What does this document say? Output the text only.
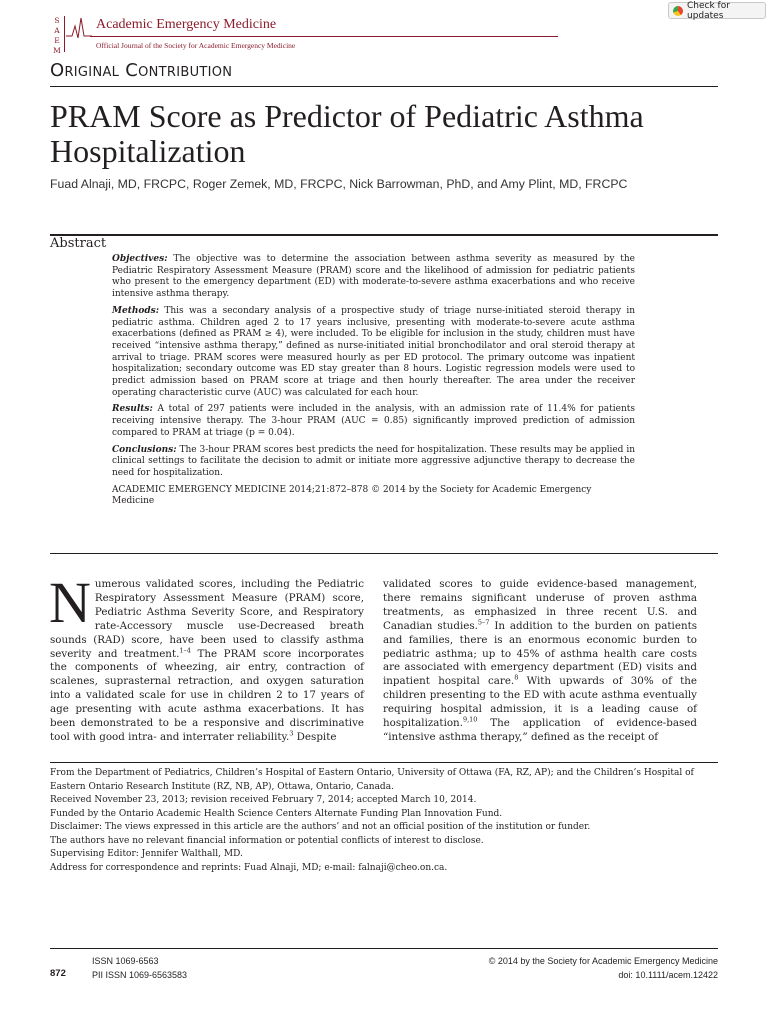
Check for updates
S
A
E
M
Academic Emergency Medicine
Official Journal of the Society for Academic Emergency Medicine
Original Contribution
PRAM Score as Predictor of Pediatric Asthma Hospitalization
Fuad Alnaji, MD, FRCPC, Roger Zemek, MD, FRCPC, Nick Barrowman, PhD, and Amy Plint, MD, FRCPC
Abstract

Objectives: The objective was to determine the association between asthma severity as measured by the Pediatric Respiratory Assessment Measure (PRAM) score and the likelihood of admission for pediatric patients who present to the emergency department (ED) with moderate-to-severe asthma exacerbations and who receive intensive asthma therapy.

Methods: This was a secondary analysis of a prospective study of triage nurse-initiated steroid therapy in pediatric asthma. Children aged 2 to 17 years inclusive, presenting with moderate-to-severe acute asthma exacerbations (defined as PRAM ≥ 4), were included. To be eligible for inclusion in the study, children must have received “intensive asthma therapy,” defined as nurse-initiated initial bronchodilator and oral steroid therapy at arrival to triage. PRAM scores were measured hourly as per ED protocol. The primary outcome was inpatient hospitalization; secondary outcome was ED stay greater than 8 hours. Logistic regression models were used to predict admission based on PRAM score at triage and then hourly thereafter. The area under the receiver operating characteristic curve (AUC) was calculated for each hour.

Results: A total of 297 patients were included in the analysis, with an admission rate of 11.4% for patients receiving intensive therapy. The 3-hour PRAM (AUC = 0.85) significantly improved prediction of admission compared to PRAM at triage (p = 0.04).

Conclusions: The 3-hour PRAM scores best predicts the need for hospitalization. These results may be applied in clinical settings to facilitate the decision to admit or initiate more aggressive adjunctive therapy to decrease the need for hospitalization.

ACADEMIC EMERGENCY MEDICINE 2014;21:872–878 © 2014 by the Society for Academic Emergency Medicine

Numerous validated scores, including the Pediatric Respiratory Assessment Measure (PRAM) score, Pediatric Asthma Severity Score, and Respiratory rate-Accessory muscle use-Decreased breath sounds (RAD) score, have been used to classify asthma severity and treatment.$^{1-4}$ The PRAM score incorporates the components of wheezing, air entry, contraction of scalenes, suprasternal retraction, and oxygen saturation into a validated scale for use in children 2 to 17 years of age presenting with acute asthma exacerbations. It has been demonstrated to be a responsive and discriminative tool with good intra- and interrater reliability.$^3$ Despite
validated scores to guide evidence-based management, there remains significant underuse of proven asthma treatments, as emphasized in three recent U.S. and Canadian studies.$^{5-7}$ In addition to the burden on patients and families, there is an enormous economic burden to pediatric asthma; up to 45% of asthma health care costs are associated with emergency department (ED) visits and inpatient hospital care.$^8$ With upwards of 30% of the children presenting to the ED with acute asthma eventually requiring hospital admission, it is a leading cause of hospitalization.$^{9,10}$ The application of evidence-based “intensive asthma therapy,” defined as the receipt of
From the Department of Pediatrics, Children’s Hospital of Eastern Ontario, University of Ottawa (FA, RZ, AP); and the Children’s Hospital of Eastern Ontario Research Institute (RZ, NB, AP), Ottawa, Ontario, Canada.
Received November 23, 2013; revision received February 7, 2014; accepted March 10, 2014.
Funded by the Ontario Academic Health Science Centers Alternate Funding Plan Innovation Fund.
Disclaimer: The views expressed in this article are the authors’ and not an official position of the institution or funder.
The authors have no relevant financial information or potential conflicts of interest to disclose.
Supervising Editor: Jennifer Walthall, MD.
Address for correspondence and reprints: Fuad Alnaji, MD; e-mail: falnaji@cheo.on.ca.
872
ISSN 1069-6563
PII ISSN 1069-6563583
© 2014 by the Society for Academic Emergency Medicine
doi: 10.1111/acem.12422
